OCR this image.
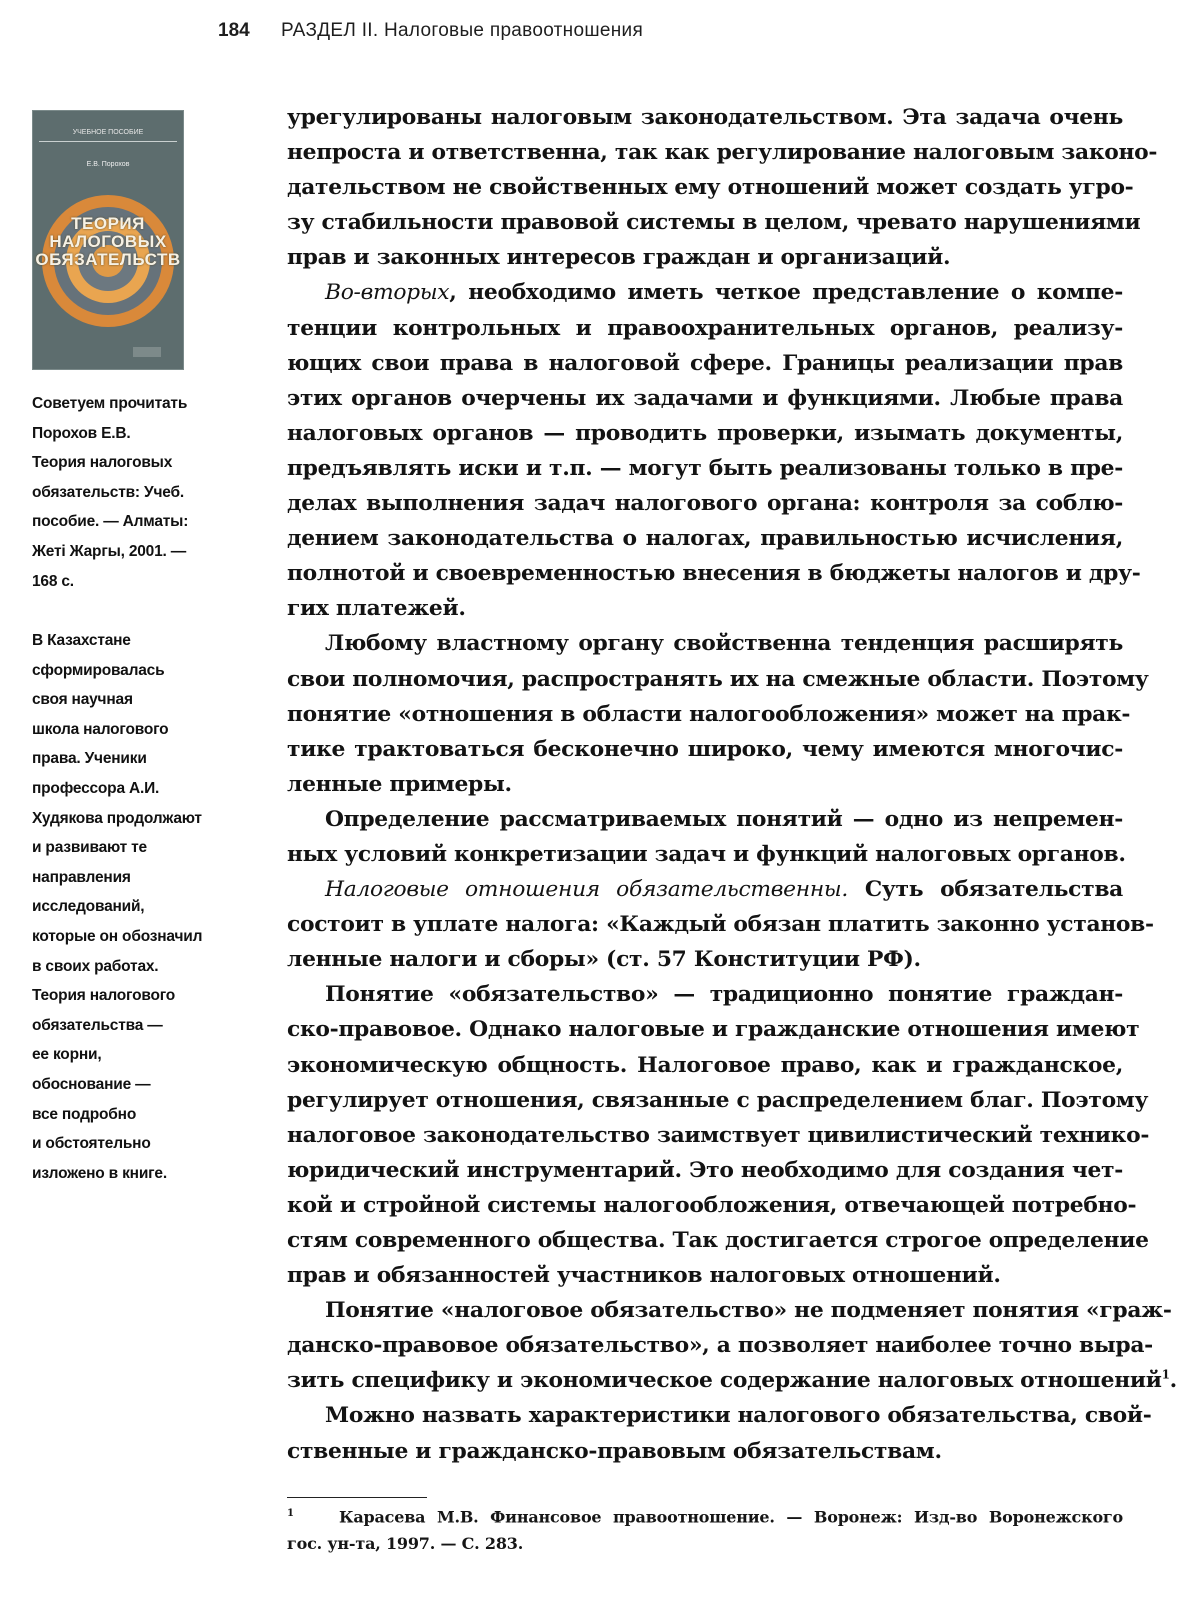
184 РАЗДЕЛ II. Налоговые правоотношения
УЧЕБНОЕ ПОСОБИЕ
Е.В. Порохов
ТЕОРИЯ
НАЛОГОВЫХ
ОБЯЗАТЕЛЬСТВ
Советуем прочитать
Порохов Е.В.
Теория налоговых
обязательств: Учеб.
пособие. — Алматы:
Жетi Жаргы, 2001. —
168 с.
В Казахстане
сформировалась
своя научная
школа налогового
права. Ученики
профессора А.И.
Худякова продолжают
и развивают те
направления
исследований,
которые он обозначил
в своих работах.
Теория налогового
обязательства —
ее корни,
обоснование —
все подробно
и обстоятельно
изложено в книге.
урегулированы налоговым законодательством. Эта задача очень
непроста и ответственна, так как регулирование налоговым законо-
дательством не свойственных ему отношений может создать угро-
зу стабильности правовой системы в целом, чревато нарушениями
прав и законных интересов граждан и организаций.
Во-вторых, необходимо иметь четкое представление о компе-
тенции контрольных и правоохранительных органов, реализу-
ющих свои права в налоговой сфере. Границы реализации прав
этих органов очерчены их задачами и функциями. Любые права
налоговых органов — проводить проверки, изымать документы,
предъявлять иски и т.п. — могут быть реализованы только в пре-
делах выполнения задач налогового органа: контроля за соблю-
дением законодательства о налогах, правильностью исчисления,
полнотой и своевременностью внесения в бюджеты налогов и дру-
гих платежей.
Любому властному органу свойственна тенденция расширять
свои полномочия, распространять их на смежные области. Поэтому
понятие «отношения в области налогообложения» может на прак-
тике трактоваться бесконечно широко, чему имеются многочис-
ленные примеры.
Определение рассматриваемых понятий — одно из непремен-
ных условий конкретизации задач и функций налоговых органов.
Налоговые отношения обязательственны. Суть обязательства
состоит в уплате налога: «Каждый обязан платить законно установ-
ленные налоги и сборы» (ст. 57 Конституции РФ).
Понятие «обязательство» — традиционно понятие граждан-
ско-правовое. Однако налоговые и гражданские отношения имеют
экономическую общность. Налоговое право, как и гражданское,
регулирует отношения, связанные с распределением благ. Поэтому
налоговое законодательство заимствует цивилистический технико-
юридический инструментарий. Это необходимо для создания чет-
кой и стройной системы налогообложения, отвечающей потребно-
стям современного общества. Так достигается строгое определение
прав и обязанностей участников налоговых отношений.
Понятие «налоговое обязательство» не подменяет понятия «граж-
данско-правовое обязательство», а позволяет наиболее точно выра-
зить специфику и экономическое содержание налоговых отношений$^1$.
Можно назвать характеристики налогового обязательства, свой-
ственные и гражданско-правовым обязательствам.
1	Карасева М.В. Финансовое правоотношение. — Воронеж: Изд-во Воронежского
гос. ун-та, 1997. — С. 283.
